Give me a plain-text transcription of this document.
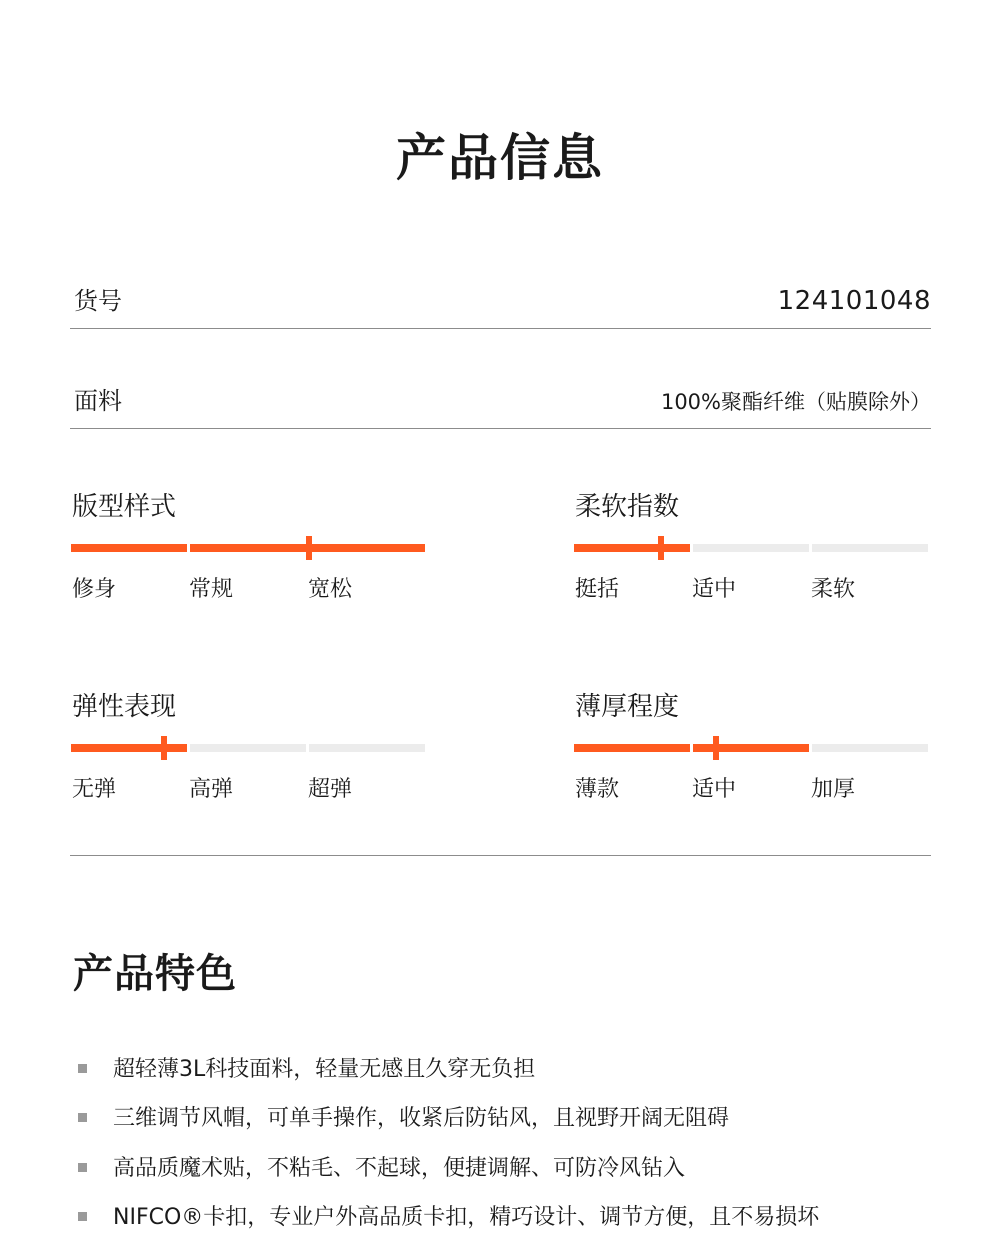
产品信息
货号	124101048
面料	100%聚酯纤维（贴膜除外）
版型样式
修身	常规	宽松
柔软指数
挺括	适中	柔软
弹性表现
无弹	高弹	超弹
薄厚程度
薄款	适中	加厚
产品特色
超轻薄3L科技面料，轻量无感且久穿无负担
三维调节风帽，可单手操作，收紧后防钻风，且视野开阔无阻碍
高品质魔术贴，不粘毛、不起球，便捷调解、可防冷风钻入
NIFCO®卡扣，专业户外高品质卡扣，精巧设计、调节方便，且不易损坏
